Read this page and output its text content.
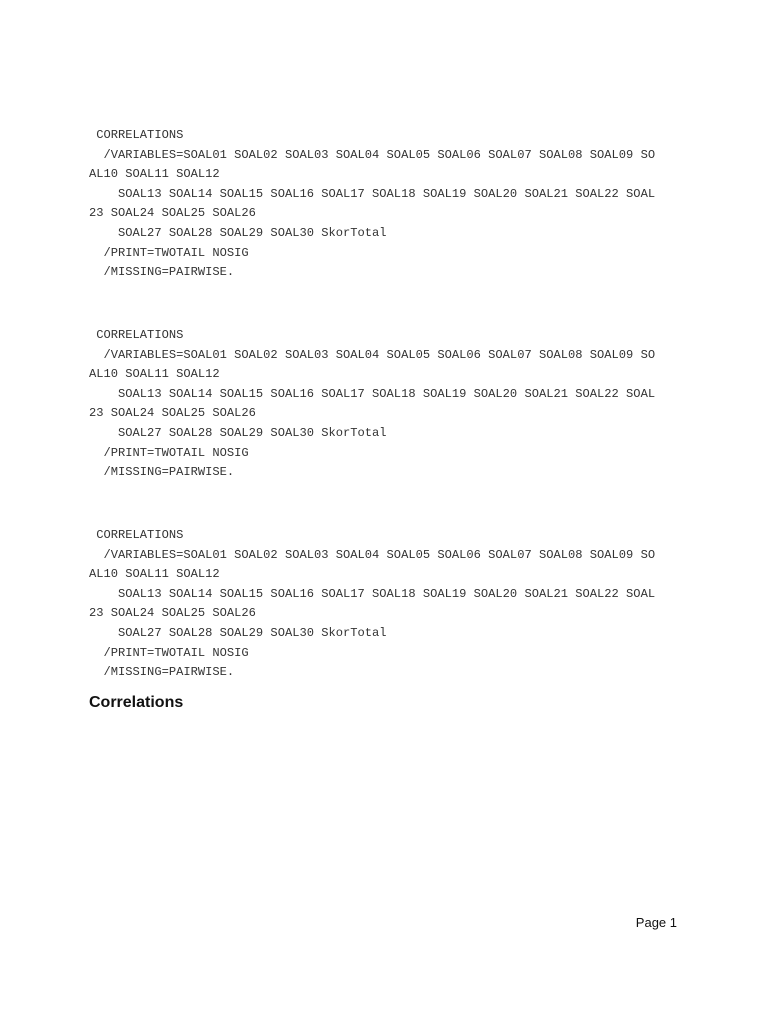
CORRELATIONS
/VARIABLES=SOAL01 SOAL02 SOAL03 SOAL04 SOAL05 SOAL06 SOAL07 SOAL08 SOAL09 SO
AL10 SOAL11 SOAL12
SOAL13 SOAL14 SOAL15 SOAL16 SOAL17 SOAL18 SOAL19 SOAL20 SOAL21 SOAL22 SOAL
23 SOAL24 SOAL25 SOAL26
SOAL27 SOAL28 SOAL29 SOAL30 SkorTotal
/PRINT=TWOTAIL NOSIG
/MISSING=PAIRWISE.
CORRELATIONS
/VARIABLES=SOAL01 SOAL02 SOAL03 SOAL04 SOAL05 SOAL06 SOAL07 SOAL08 SOAL09 SO
AL10 SOAL11 SOAL12
SOAL13 SOAL14 SOAL15 SOAL16 SOAL17 SOAL18 SOAL19 SOAL20 SOAL21 SOAL22 SOAL
23 SOAL24 SOAL25 SOAL26
SOAL27 SOAL28 SOAL29 SOAL30 SkorTotal
/PRINT=TWOTAIL NOSIG
/MISSING=PAIRWISE.
CORRELATIONS
/VARIABLES=SOAL01 SOAL02 SOAL03 SOAL04 SOAL05 SOAL06 SOAL07 SOAL08 SOAL09 SO
AL10 SOAL11 SOAL12
SOAL13 SOAL14 SOAL15 SOAL16 SOAL17 SOAL18 SOAL19 SOAL20 SOAL21 SOAL22 SOAL
23 SOAL24 SOAL25 SOAL26
SOAL27 SOAL28 SOAL29 SOAL30 SkorTotal
/PRINT=TWOTAIL NOSIG
/MISSING=PAIRWISE.
Correlations
Page 1
